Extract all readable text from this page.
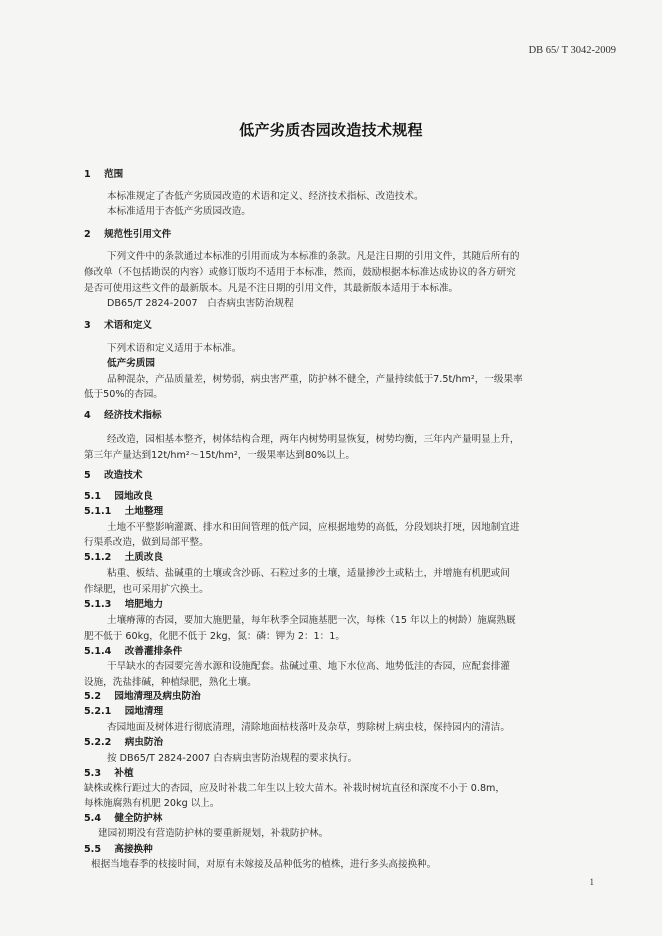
DB 65/ T 3042-2009
低产劣质杏园改造技术规程
1 范围
本标准规定了杏低产劣质园改造的术语和定义、经济技术指标、改造技术。
本标准适用于杏低产劣质园改造。
2 规范性引用文件
下列文件中的条款通过本标准的引用而成为本标准的条款。凡是注日期的引用文件，其随后所有的
修改单（不包括勘误的内容）或修订版均不适用于本标准，然而，鼓励根据本标准达成协议的各方研究
是否可使用这些文件的最新版本。凡是不注日期的引用文件，其最新版本适用于本标准。
DB65/T 2824-2007　白杏病虫害防治规程
3 术语和定义
下列术语和定义适用于本标准。
低产劣质园
品种混杂，产品质量差，树势弱，病虫害严重，防护林不健全，产量持续低于7.5t/hm²，一级果率
低于50%的杏园。
4 经济技术指标
经改造，园相基本整齐，树体结构合理，两年内树势明显恢复，树势均衡，三年内产量明显上升，
第三年产量达到12t/hm²～15t/hm²，一级果率达到80%以上。
5 改造技术
5.1 园地改良
5.1.1 土地整理
土地不平整影响灌溉、排水和田间管理的低产园，应根据地势的高低，分段划块打埂，因地制宜进
行渠系改造，做到局部平整。
5.1.2 土质改良
粘重、板结、盐碱重的土壤或含沙砾、石粒过多的土壤，适量掺沙土或粘土，并增施有机肥或间
作绿肥，也可采用扩穴换土。
5.1.3 培肥地力
土壤瘠薄的杏园，要加大施肥量，每年秋季全园施基肥一次，每株（15 年以上的树龄）施腐熟厩
肥不低于 60kg，化肥不低于 2kg，氮：磷：钾为 2：1：1。
5.1.4 改善灌排条件
干旱缺水的杏园要完善水源和设施配套。盐碱过重、地下水位高、地势低洼的杏园，应配套排灌
设施，洗盐排碱，种植绿肥，熟化土壤。
5.2 园地清理及病虫防治
5.2.1 园地清理
杏园地面及树体进行彻底清理，清除地面枯枝落叶及杂草，剪除树上病虫枝，保持园内的清洁。
5.2.2 病虫防治
按 DB65/T 2824-2007 白杏病虫害防治规程的要求执行。
5.3 补植
缺株或株行距过大的杏园，应及时补栽二年生以上较大苗木。补栽时树坑直径和深度不小于 0.8m，
每株施腐熟有机肥 20kg 以上。
5.4 健全防护林
建园初期没有营造防护林的要重新规划，补栽防护林。
5.5 高接换种
根据当地春季的枝接时间，对原有未嫁接及品种低劣的植株，进行多头高接换种。
1
